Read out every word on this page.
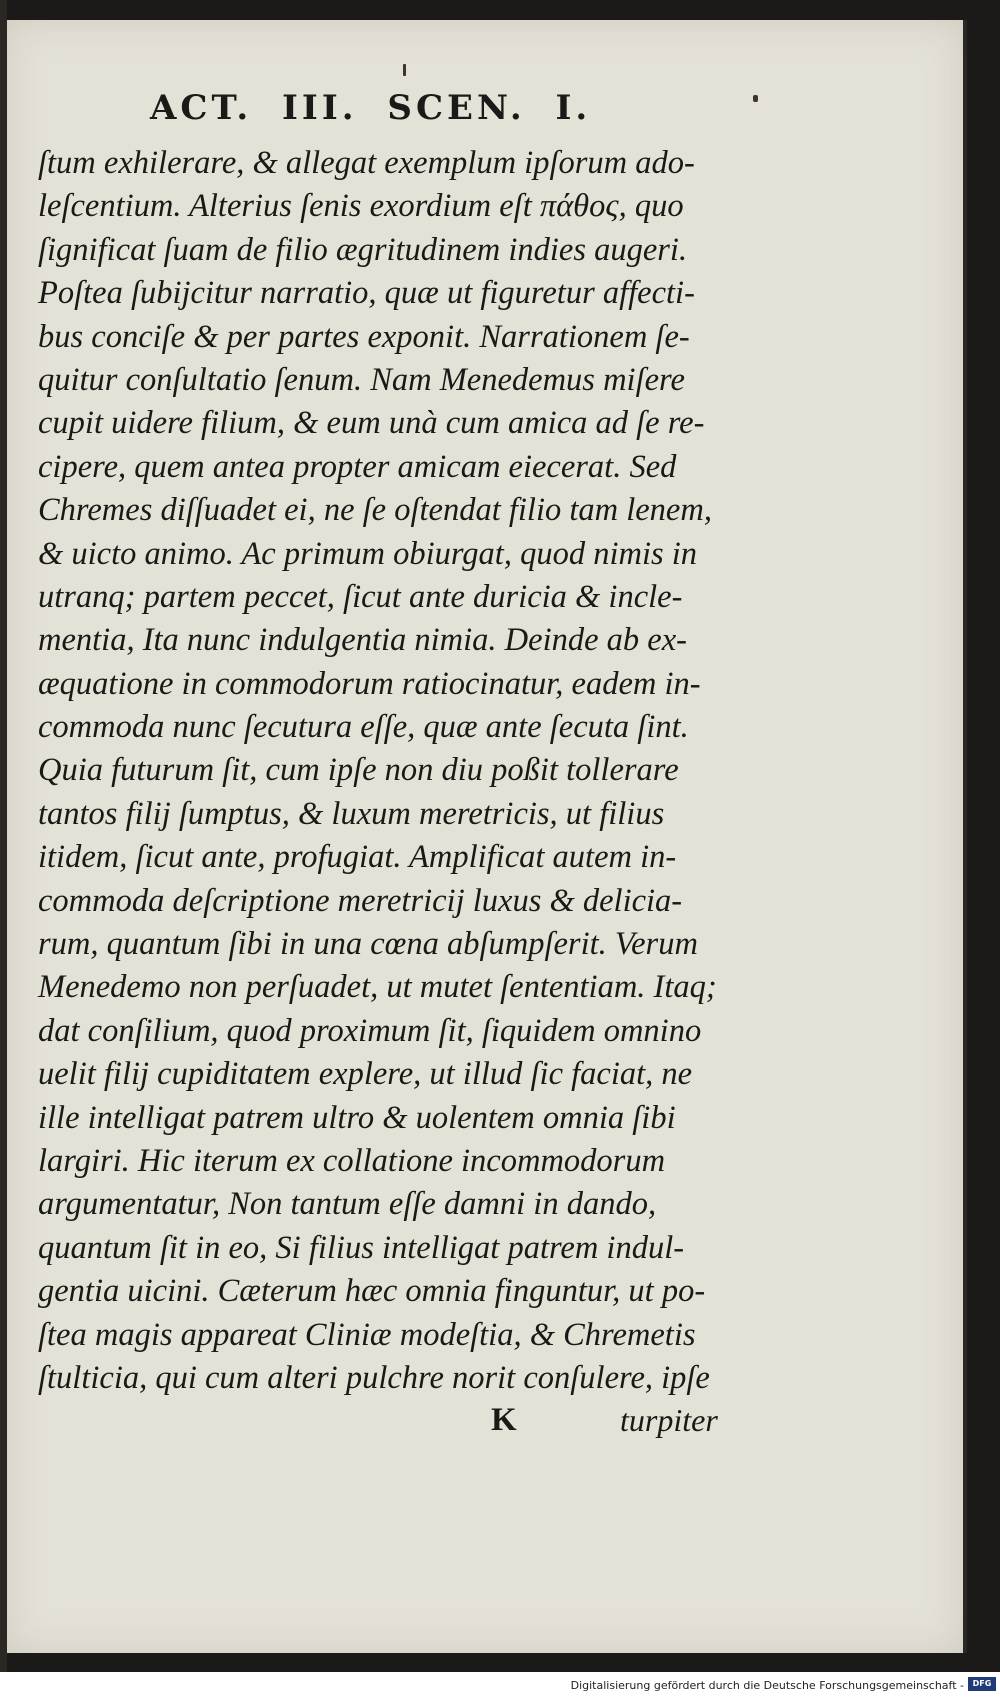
ACT. III. SCEN. I.
ſtum exhilerare, & allegat exemplum ipſorum ado-
leſcentium. Alterius ſenis exordium eſt πάθος, quo
ſignificat ſuam de filio ægritudinem indies augeri.
Poſtea ſubijcitur narratio, quæ ut figuretur affecti-
bus conciſe & per partes exponit. Narrationem ſe-
quitur conſultatio ſenum. Nam Menedemus miſere
cupit uidere filium, & eum unà cum amica ad ſe re-
cipere, quem antea propter amicam eiecerat. Sed
Chremes diſſuadet ei, ne ſe oſtendat filio tam lenem,
& uicto animo. Ac primum obiurgat, quod nimis in
utranq; partem peccet, ſicut ante duricia & incle-
mentia, Ita nunc indulgentia nimia. Deinde ab ex-
æquatione in commodorum ratiocinatur, eadem in-
commoda nunc ſecutura eſſe, quæ ante ſecuta ſint.
Quia futurum ſit, cum ipſe non diu poßit tollerare
tantos filij ſumptus, & luxum meretricis, ut filius
itidem, ſicut ante, profugiat. Amplificat autem in-
commoda deſcriptione meretricij luxus & delicia-
rum, quantum ſibi in una cœna abſumpſerit. Verum
Menedemo non perſuadet, ut mutet ſententiam. Itaq;
dat conſilium, quod proximum ſit, ſiquidem omnino
uelit filij cupiditatem explere, ut illud ſic faciat, ne
ille intelligat patrem ultro & uolentem omnia ſibi
largiri. Hic iterum ex collatione incommodorum
argumentatur, Non tantum eſſe damni in dando,
quantum ſit in eo, Si filius intelligat patrem indul-
gentia uicini. Cæterum hæc omnia finguntur, ut po-
ſtea magis appareat Cliniæ modeſtia, & Chremetis
ſtulticia, qui cum alteri pulchre norit conſulere, ipſe
K	turpiter
Digitalisierung gefördert durch die Deutsche Forschungsgemeinschaft -	DFG
